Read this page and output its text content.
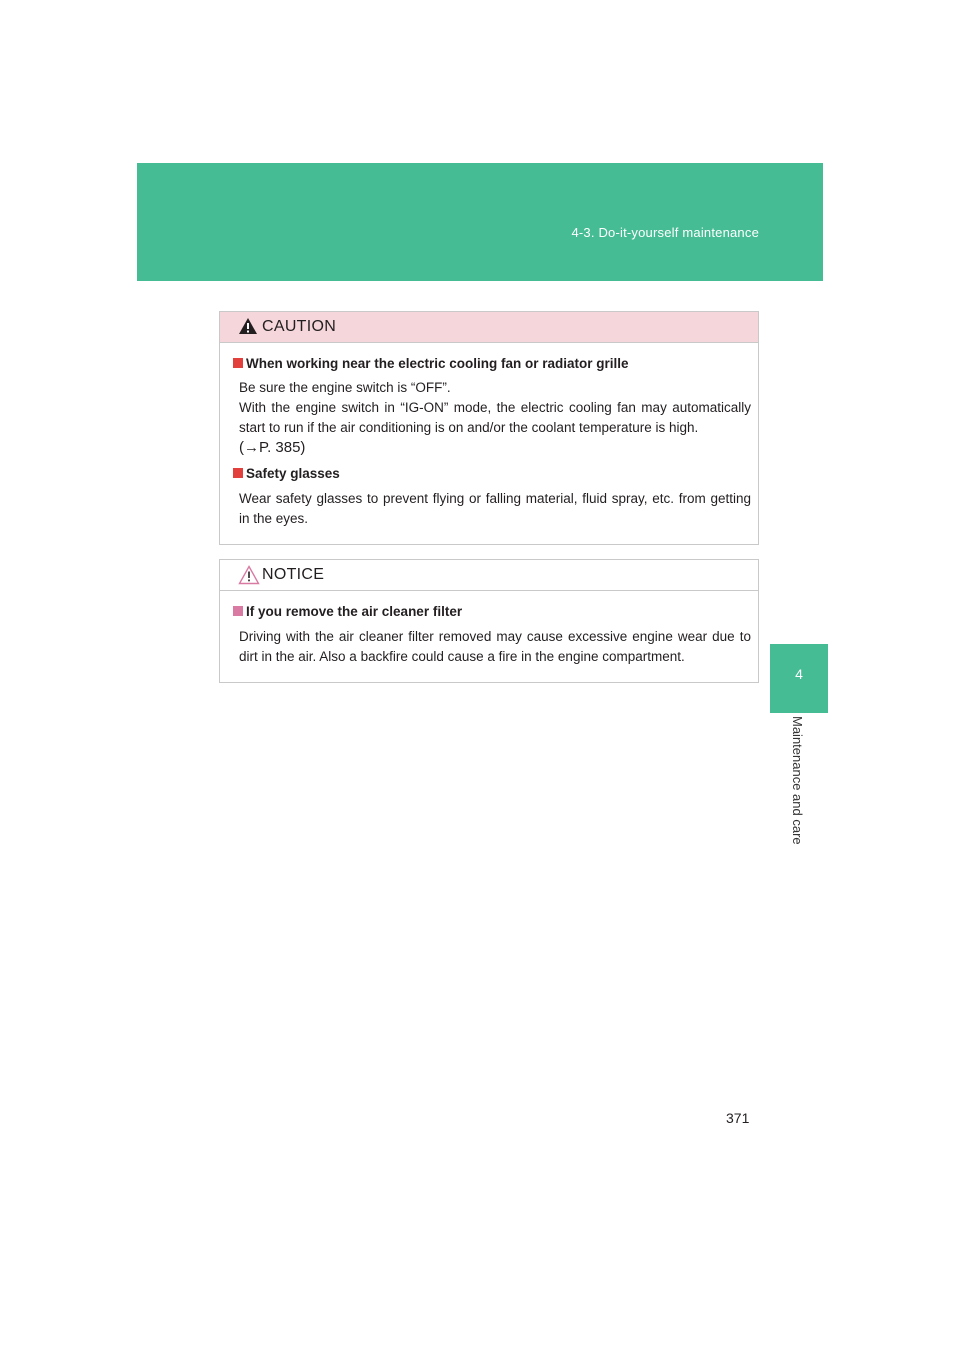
4-3. Do-it-yourself maintenance
4
Maintenance and care
CAUTION

When working near the electric cooling fan or radiator grille

Be sure the engine switch is “OFF”.

With the engine switch in “IG-ON” mode, the electric cooling fan may automatically start to run if the air conditioning is on and/or the coolant temperature is high.

(→P. 385)

Safety glasses

Wear safety glasses to prevent flying or falling material, fluid spray, etc. from getting in the eyes.

NOTICE

If you remove the air cleaner filter

Driving with the air cleaner filter removed may cause excessive engine wear due to dirt in the air. Also a backfire could cause a fire in the engine compartment.

371
